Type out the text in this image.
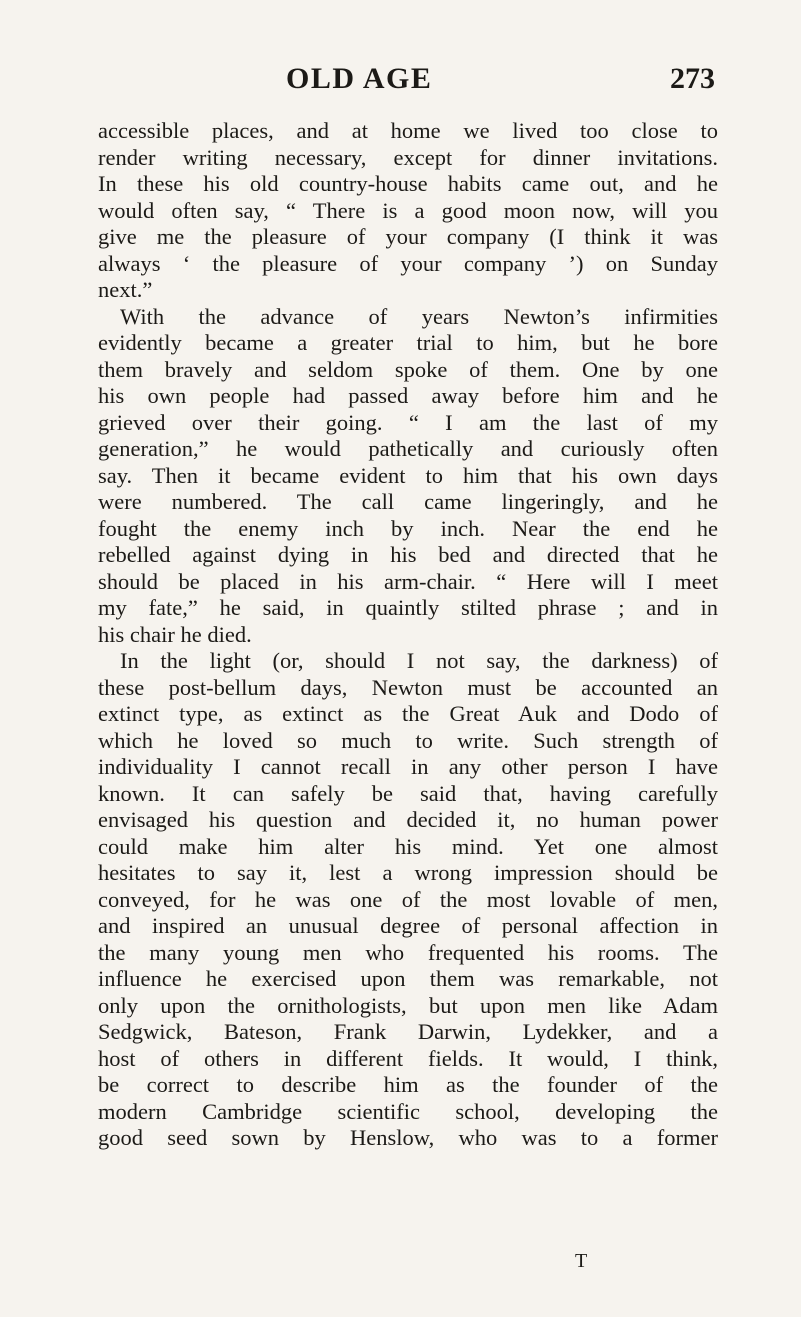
OLD AGE	273
accessible places, and at home we lived too close to
render writing necessary, except for dinner invitations.
In these his old country-house habits came out, and he
would often say, “ There is a good moon now, will you
give me the pleasure of your company (I think it was
always ‘ the pleasure of your company ’) on Sunday
next.”
With the advance of years Newton’s infirmities
evidently became a greater trial to him, but he bore
them bravely and seldom spoke of them. One by one
his own people had passed away before him and he
grieved over their going. “ I am the last of my
generation,” he would pathetically and curiously often
say. Then it became evident to him that his own days
were numbered. The call came lingeringly, and he
fought the enemy inch by inch. Near the end he
rebelled against dying in his bed and directed that he
should be placed in his arm-chair. “ Here will I meet
my fate,” he said, in quaintly stilted phrase ; and in
his chair he died.
In the light (or, should I not say, the darkness) of
these post-bellum days, Newton must be accounted an
extinct type, as extinct as the Great Auk and Dodo of
which he loved so much to write. Such strength of
individuality I cannot recall in any other person I have
known. It can safely be said that, having carefully
envisaged his question and decided it, no human power
could make him alter his mind. Yet one almost
hesitates to say it, lest a wrong impression should be
conveyed, for he was one of the most lovable of men,
and inspired an unusual degree of personal affection in
the many young men who frequented his rooms. The
influence he exercised upon them was remarkable, not
only upon the ornithologists, but upon men like Adam
Sedgwick, Bateson, Frank Darwin, Lydekker, and a
host of others in different fields. It would, I think,
be correct to describe him as the founder of the
modern Cambridge scientific school, developing the
good seed sown by Henslow, who was to a former
T
